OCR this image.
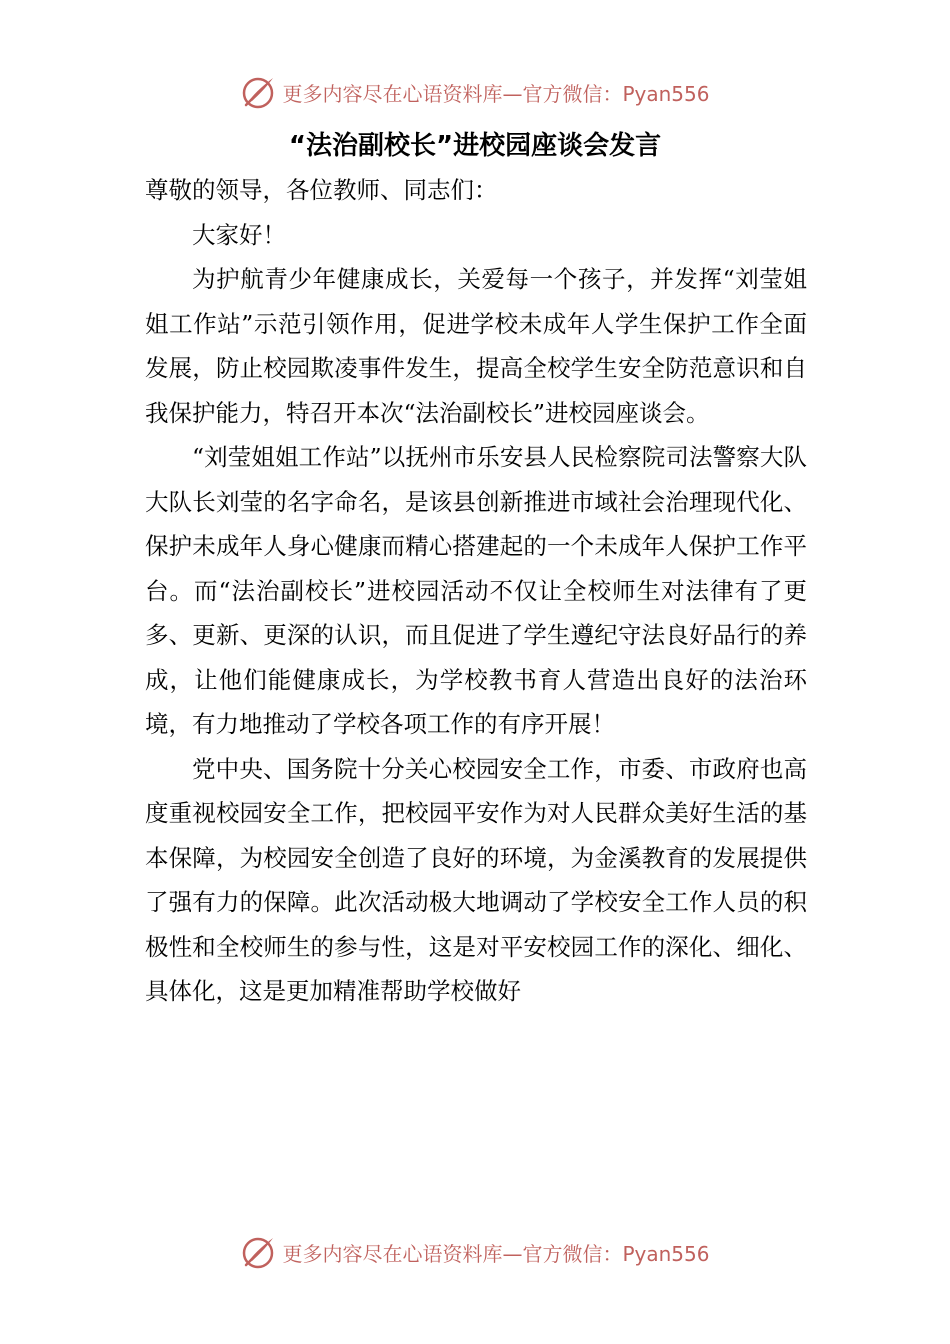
更多内容尽在心语资料库—官方微信：Pyan556
“法治副校长”进校园座谈会发言

尊敬的领导，各位教师、同志们：

大家好！

为护航青少年健康成长，关爱每一个孩子，并发挥“刘莹姐姐工作站”示范引领作用，促进学校未成年人学生保护工作全面发展，防止校园欺凌事件发生，提高全校学生安全防范意识和自我保护能力，特召开本次“法治副校长”进校园座谈会。

“刘莹姐姐工作站”以抚州市乐安县人民检察院司法警察大队大队长刘莹的名字命名，是该县创新推进市域社会治理现代化、保护未成年人身心健康而精心搭建起的一个未成年人保护工作平台。而“法治副校长”进校园活动不仅让全校师生对法律有了更多、更新、更深的认识，而且促进了学生遵纪守法良好品行的养成，让他们能健康成长，为学校教书育人营造出良好的法治环境，有力地推动了学校各项工作的有序开展！

党中央、国务院十分关心校园安全工作，市委、市政府也高度重视校园安全工作，把校园平安作为对人民群众美好生活的基本保障，为校园安全创造了良好的环境，为金溪教育的发展提供了强有力的保障。此次活动极大地调动了学校安全工作人员的积极性和全校师生的参与性，这是对平安校园工作的深化、细化、具体化，这是更加精准帮助学校做好

更多内容尽在心语资料库—官方微信：Pyan556
